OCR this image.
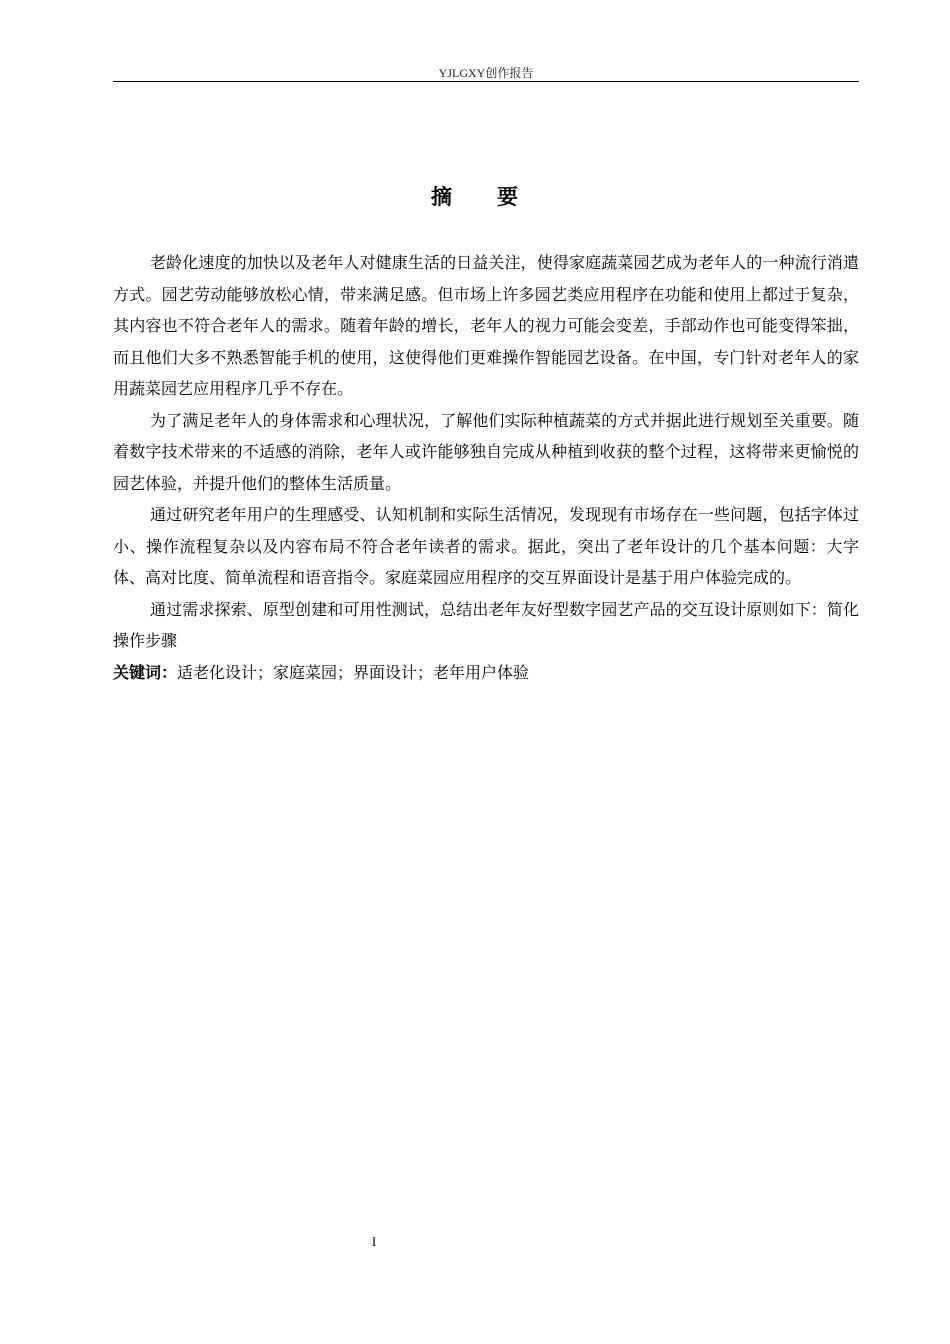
YJLGXY创作报告
摘 要

老龄化速度的加快以及老年人对健康生活的日益关注，使得家庭蔬菜园艺成为老年人的一种流行消遣方式。园艺劳动能够放松心情，带来满足感。但市场上许多园艺类应用程序在功能和使用上都过于复杂，其内容也不符合老年人的需求。随着年龄的增长，老年人的视力可能会变差，手部动作也可能变得笨拙，而且他们大多不熟悉智能手机的使用，这使得他们更难操作智能园艺设备。在中国，专门针对老年人的家用蔬菜园艺应用程序几乎不存在。

为了满足老年人的身体需求和心理状况，了解他们实际种植蔬菜的方式并据此进行规划至关重要。随着数字技术带来的不适感的消除，老年人或许能够独自完成从种植到收获的整个过程，这将带来更愉悦的园艺体验，并提升他们的整体生活质量。

通过研究老年用户的生理感受、认知机制和实际生活情况，发现现有市场存在一些问题，包括字体过小、操作流程复杂以及内容布局不符合老年读者的需求。据此，突出了老年设计的几个基本问题：大字体、高对比度、简单流程和语音指令。家庭菜园应用程序的交互界面设计是基于用户体验完成的。

通过需求探索、原型创建和可用性测试，总结出老年友好型数字园艺产品的交互设计原则如下：简化操作步骤

关键词：适老化设计；家庭菜园；界面设计；老年用户体验

I
